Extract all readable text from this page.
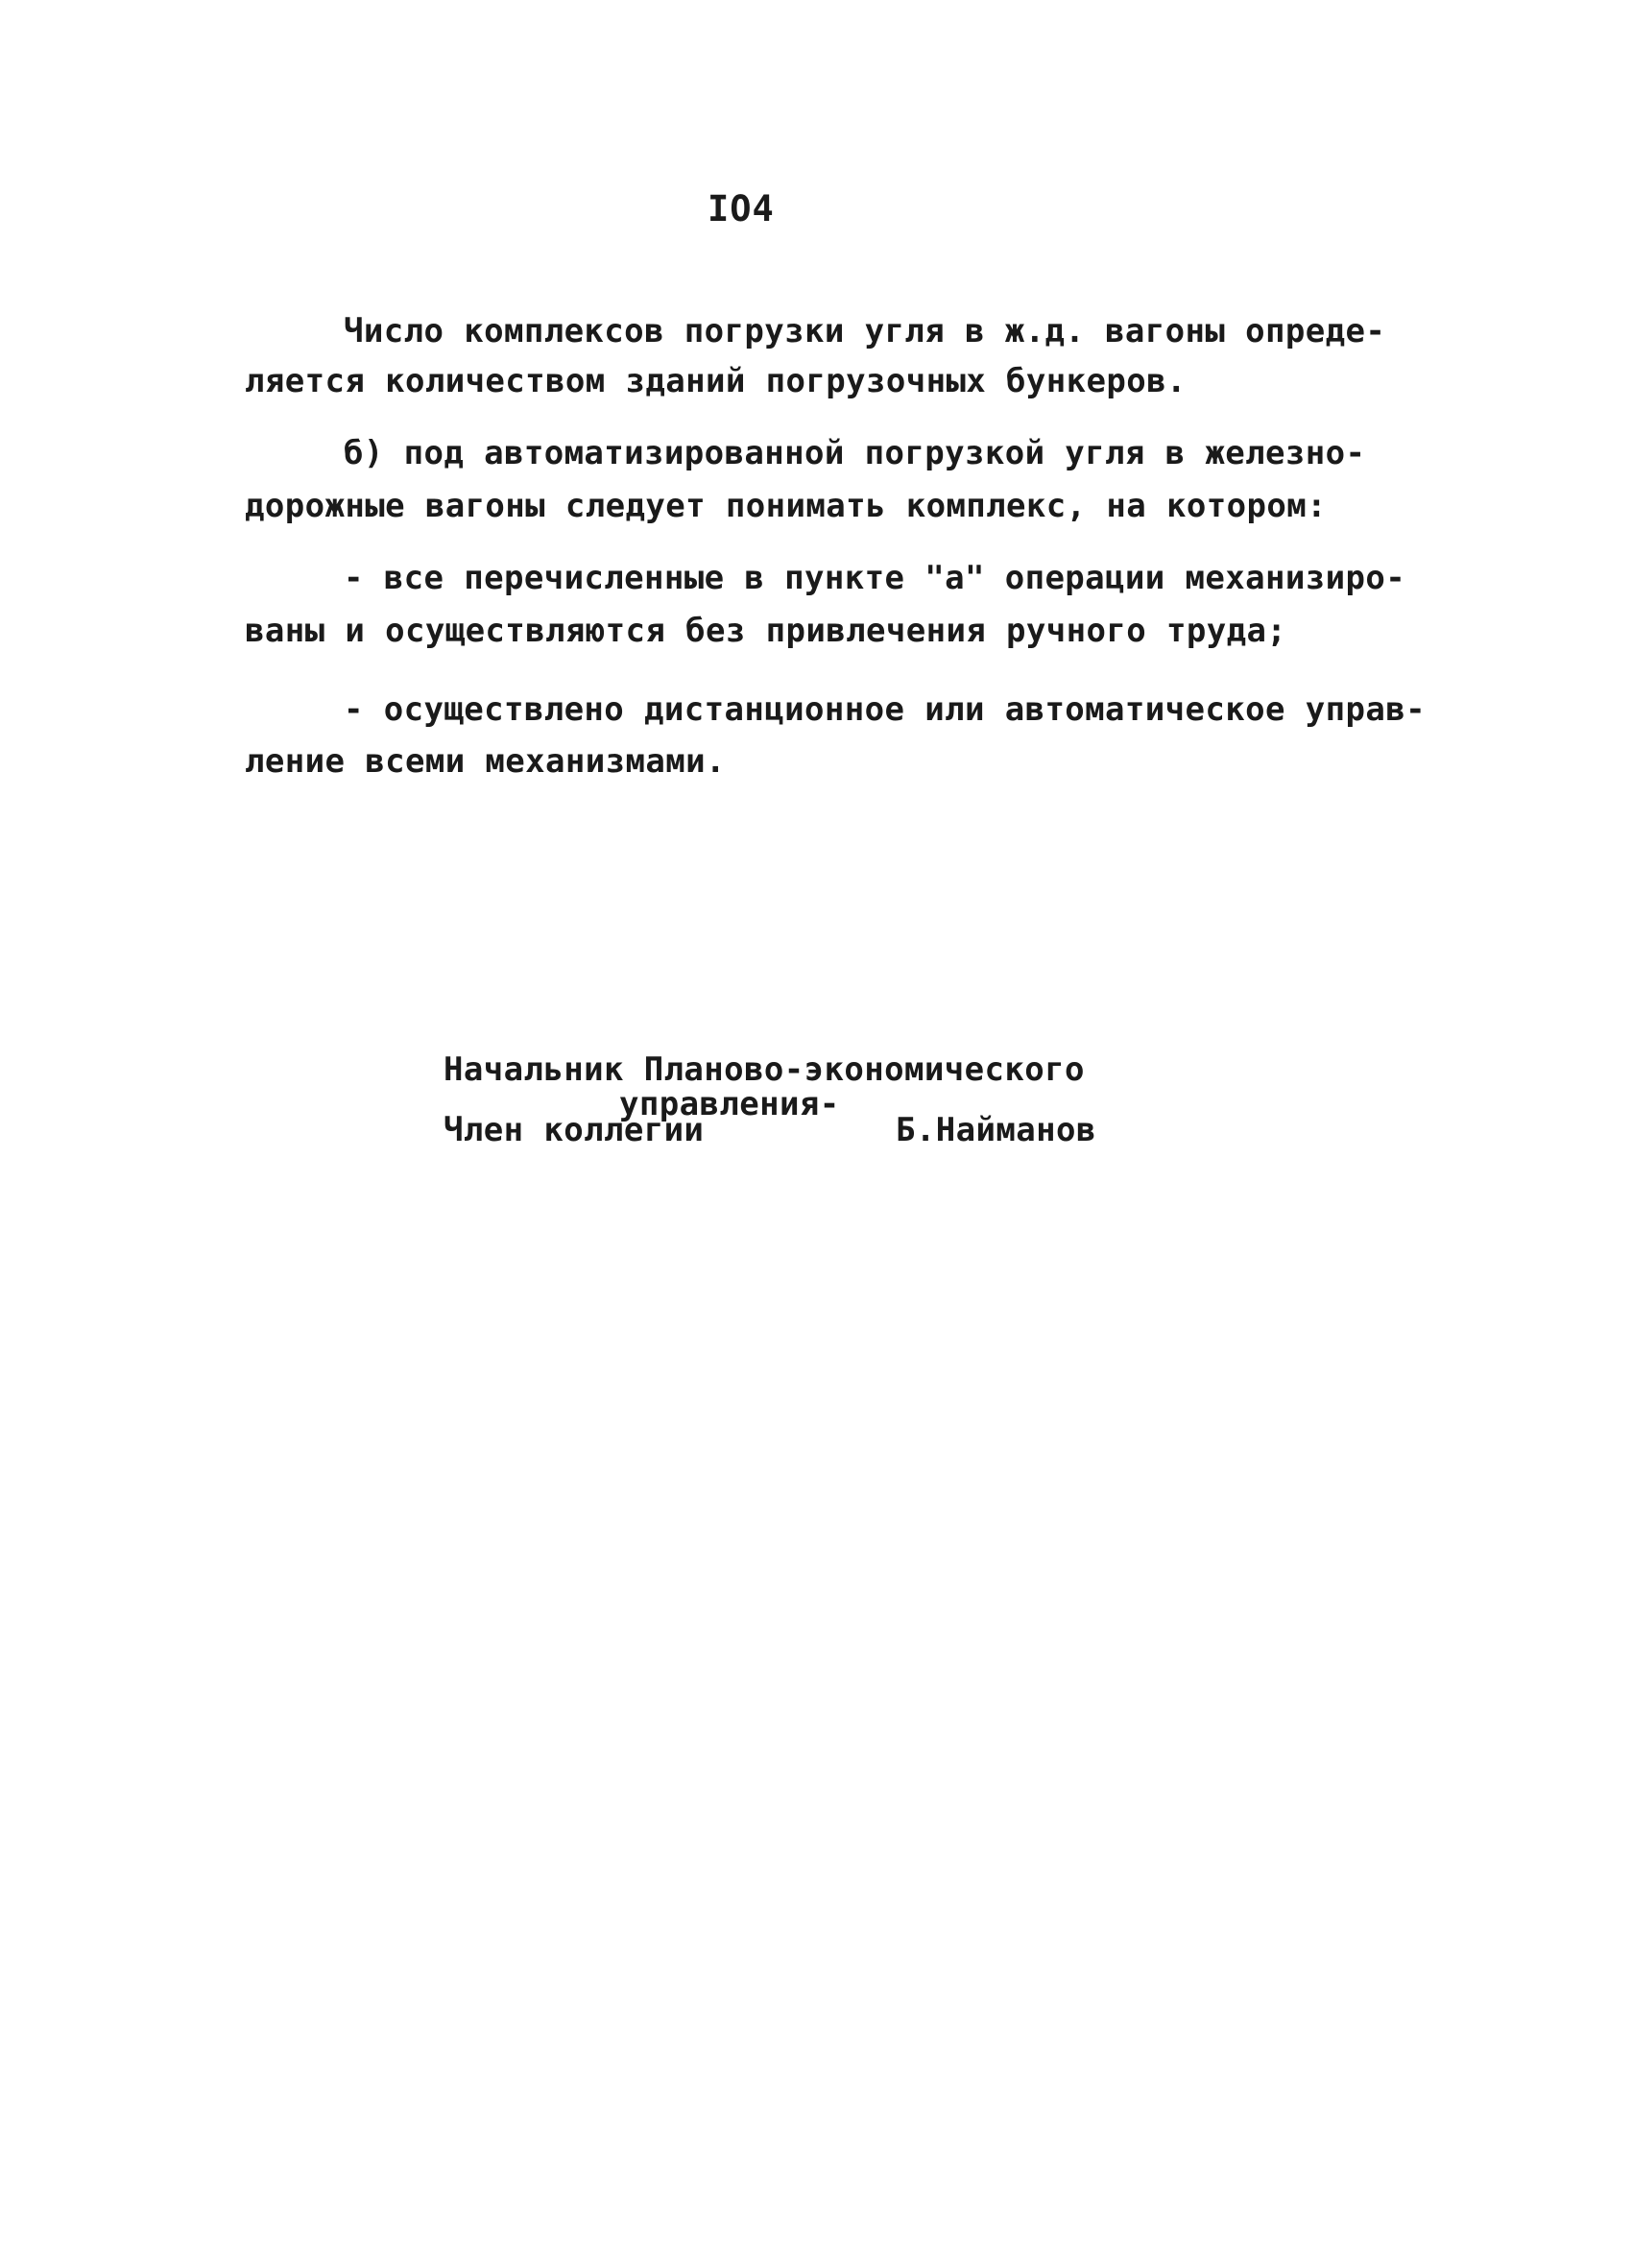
IO4
Число комплексов погрузки угля в ж.д. вагоны опреде-
ляется количеством зданий погрузочных бункеров.
б) под автоматизированной погрузкой угля в железно-
дорожные вагоны следует понимать комплекс, на котором:
- все перечисленные в пункте "а" операции механизиро-
ваны и осуществляются без привлечения ручного труда;
- осуществлено дистанционное или автоматическое управ-
ление всеми механизмами.
Начальник Планово-экономического
управления-
Член коллегии	Б.Найманов
